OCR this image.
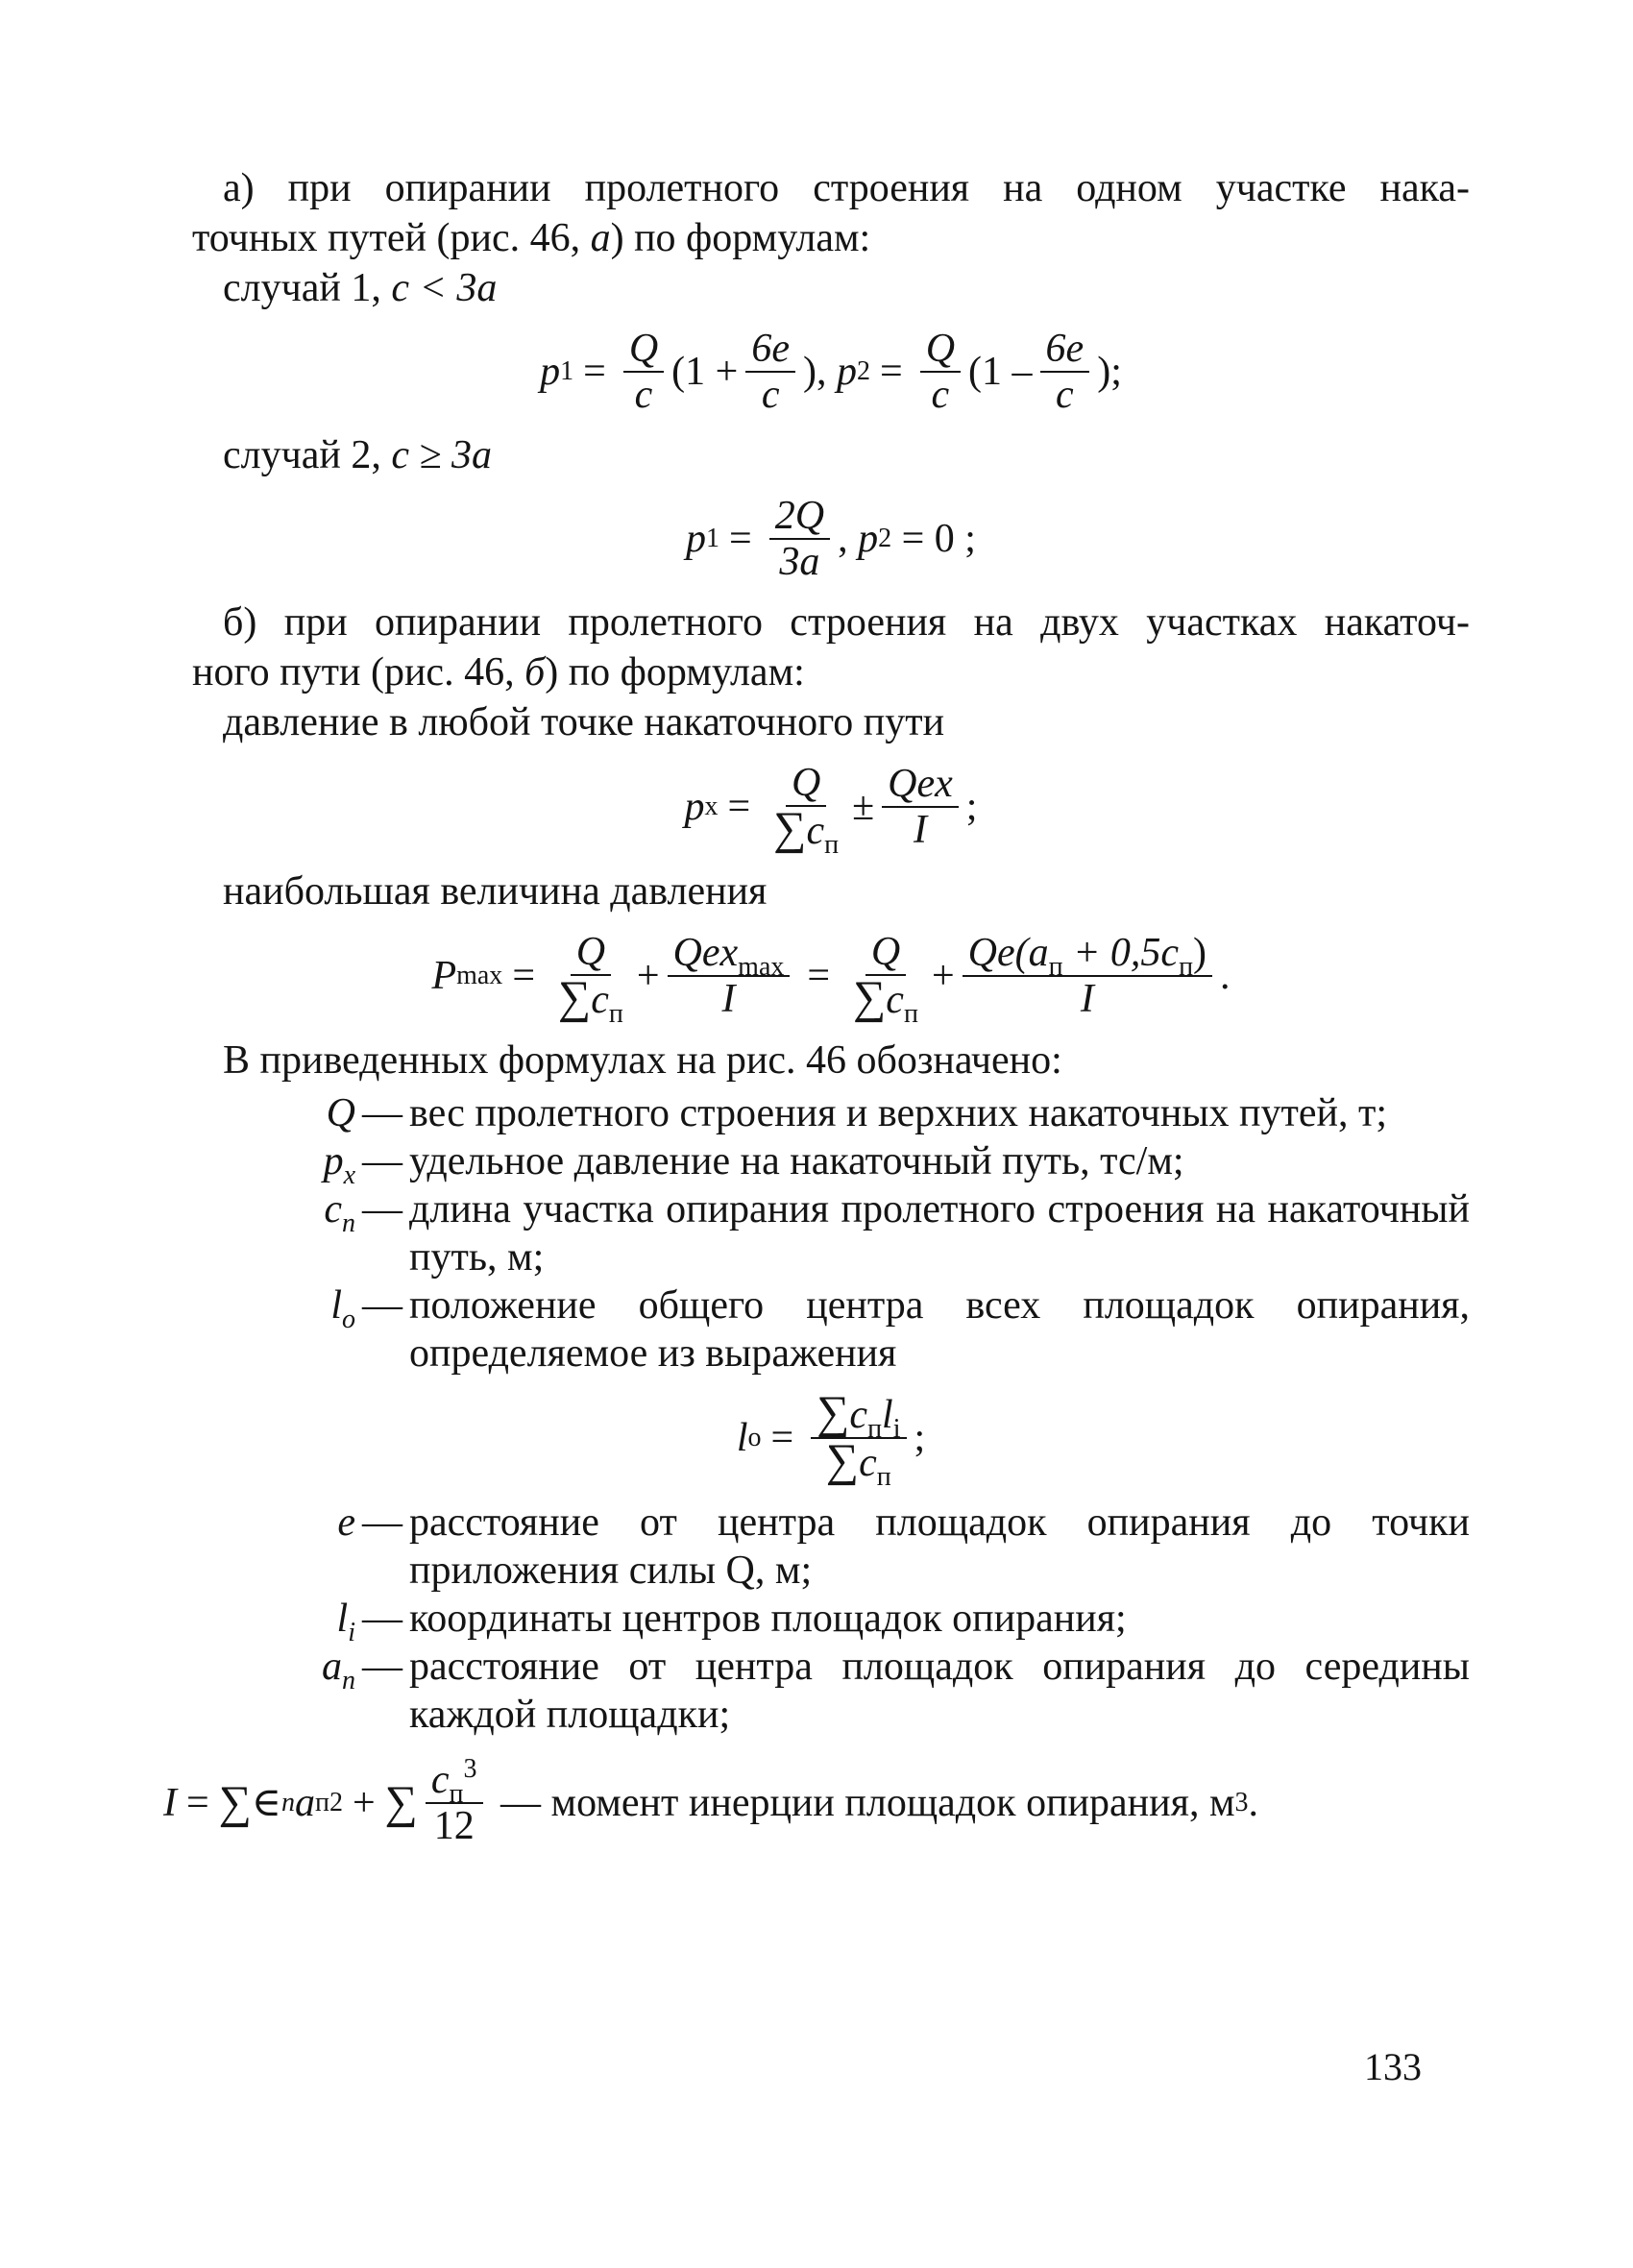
а) при опирании пролетного строения на одном участке нака-

точных путей (рис. 46, а) по формулам:

случай 1, c < 3a

p $1 = \frac{Q}{c} (1 + \frac{6e}{c}$ ),
p $2 = \frac{Q}{c} (1 - \frac{6e}{c}$ );

случай 2, c ≥ 3a

p $1 = \frac{2Q}{3a}$ , p 2
= 0 ;

б) при опирании пролетного строения на двух участках накаточ-

ного пути (рис. 46, б) по формулам:

давление в любой точке накаточного пути

p $x = \frac{Q}{\sum c_п} \pm \frac{\text{Qex}}{I}$ ;

наибольшая величина давления

P $\max = \frac{Q}{\sum c_п} + \frac{Qex_{max}}{I} = \frac{Q}{\sum c_п} + \frac{Qe(a_п + 0,5c_п)}{I}$ .

В приведенных формулах на рис. 46 обозначено:

Q — вес пролетного строения и верхних накаточных путей, т;
$p_x$ — удельное давление на накаточный путь, тс/м;
$c_п$ — длина участка опирания пролетного строения на накаточный путь, м;
$l_о$ — положение общего центра всех площадок опирания, определяемое из выражения
l $о = \frac{\sum c_пl_i}{\sum c_п}$ ;
e — расстояние от центра площадок опирания до точки приложения силы Q, м;
$l_i$ — координаты центров площадок опирания;
$a_п$ — расстояние от центра площадок опирания до середины каждой площадки;
I = ∑ ∈ n a п 2 + ∑ $\frac{c_п^3}{12}$
— момент инерции площадок опирания, м 3 .
133
